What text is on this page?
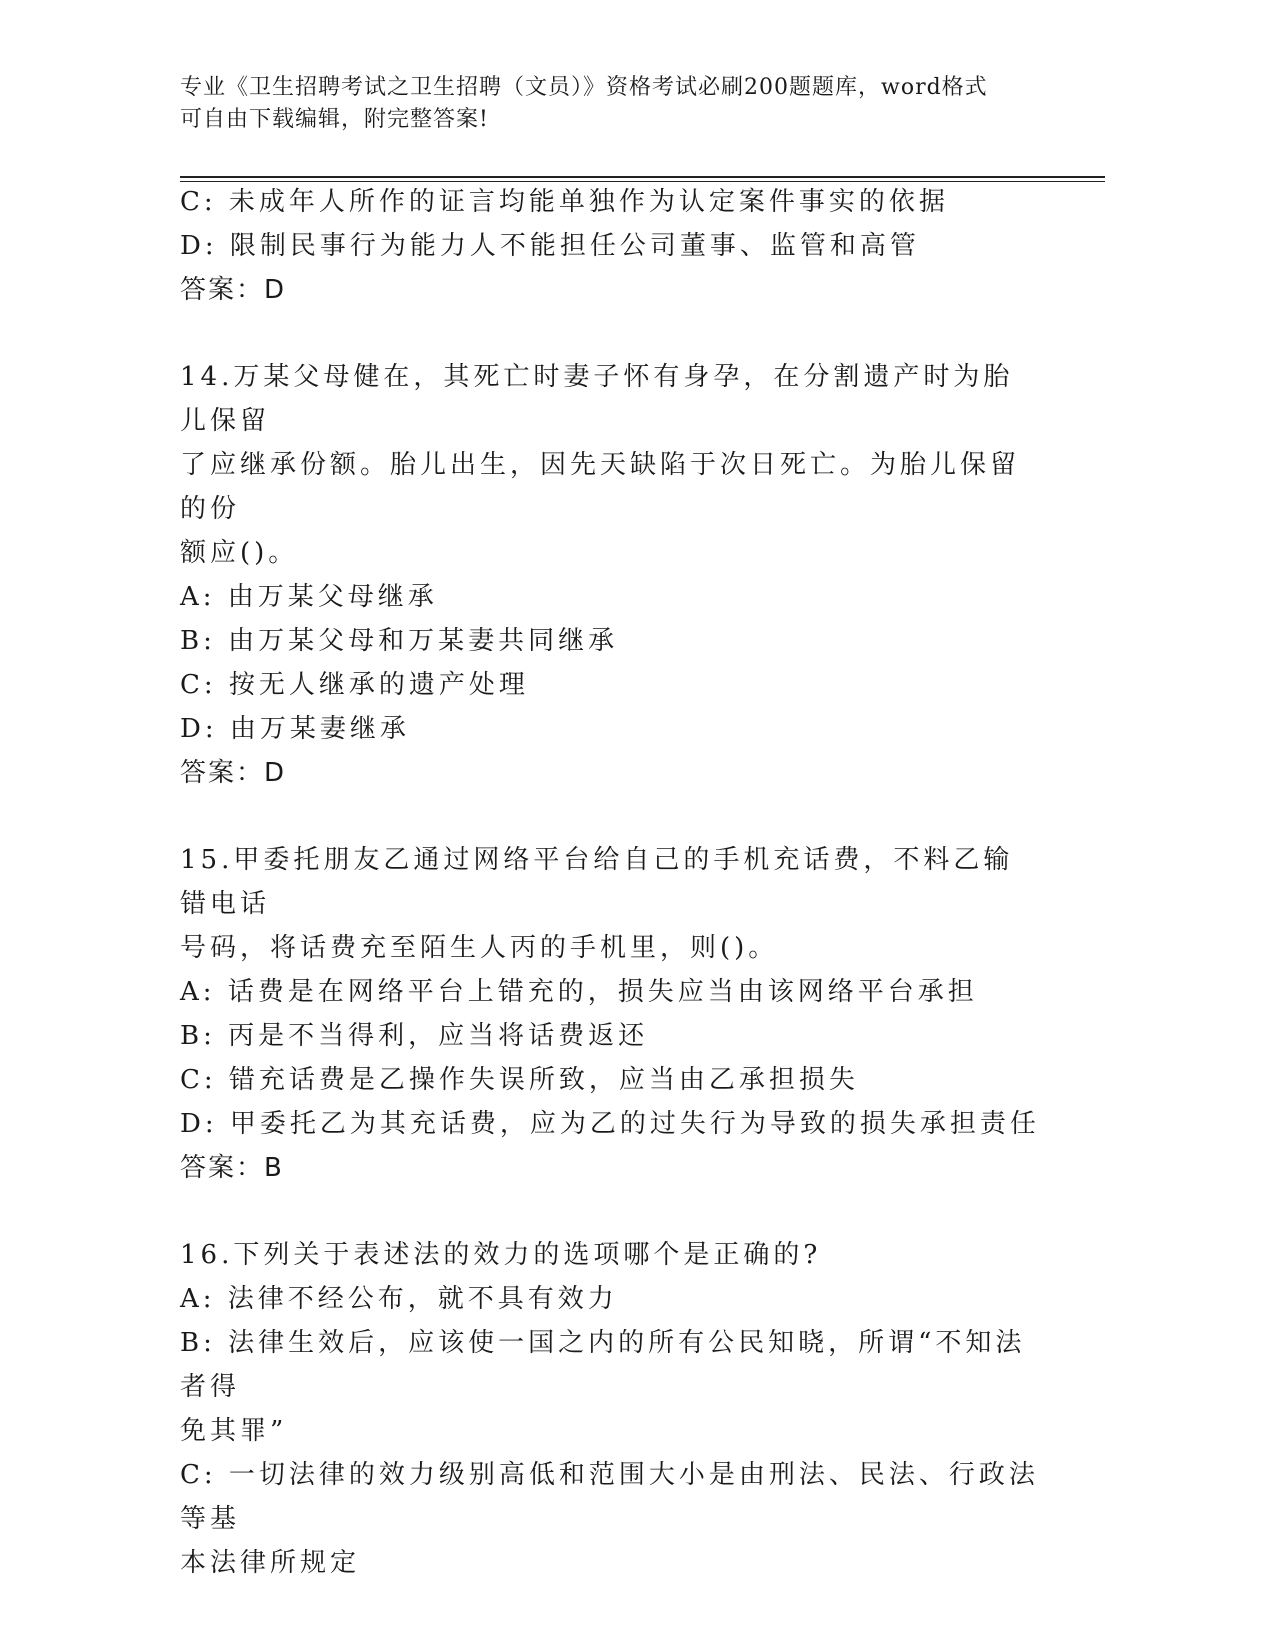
专业《卫生招聘考试之卫生招聘（文员）》资格考试必刷200题题库，word格式
可自由下载编辑，附完整答案!
C: 未成年人所作的证言均能单独作为认定案件事实的依据
D: 限制民事行为能力人不能担任公司董事、监管和高管
答案：D
14.万某父母健在，其死亡时妻子怀有身孕，在分割遗产时为胎儿保留
了应继承份额。胎儿出生，因先天缺陷于次日死亡。为胎儿保留的份
额应()。
A: 由万某父母继承
B: 由万某父母和万某妻共同继承
C: 按无人继承的遗产处理
D: 由万某妻继承
答案：D
15.甲委托朋友乙通过网络平台给自己的手机充话费，不料乙输错电话
号码，将话费充至陌生人丙的手机里，则()。
A: 话费是在网络平台上错充的，损失应当由该网络平台承担
B: 丙是不当得利，应当将话费返还
C: 错充话费是乙操作失误所致，应当由乙承担损失
D: 甲委托乙为其充话费，应为乙的过失行为导致的损失承担责任
答案：B
16.下列关于表述法的效力的选项哪个是正确的?
A: 法律不经公布，就不具有效力
B: 法律生效后，应该使一国之内的所有公民知晓，所谓“不知法者得
免其罪”
C: 一切法律的效力级别高低和范围大小是由刑法、民法、行政法等基
本法律所规定
